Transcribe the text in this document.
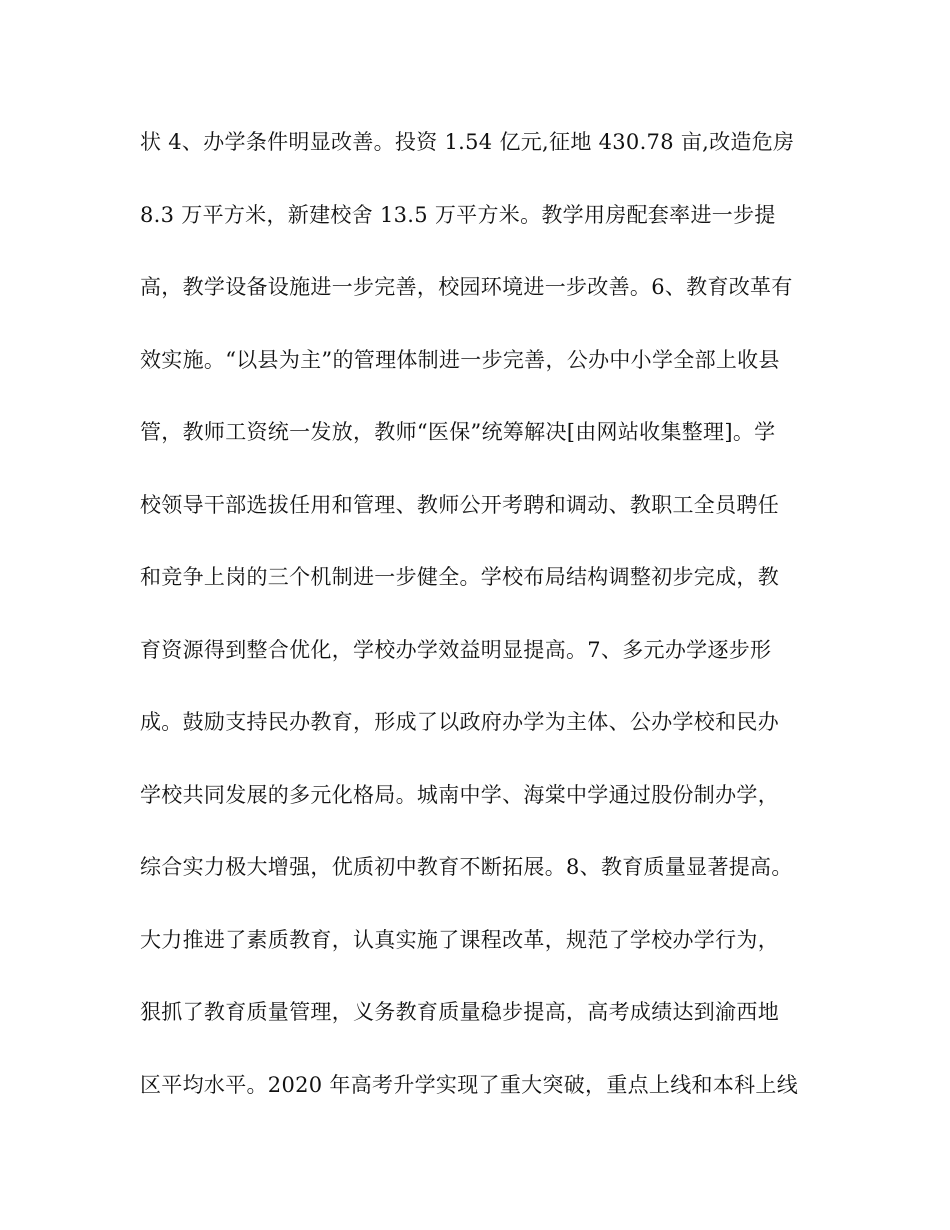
状 4、办学条件明显改善。投资 1.54 亿元,征地 430.78 亩,改造危房
8.3 万平方米，新建校舍 13.5 万平方米。教学用房配套率进一步提
高，教学设备设施进一步完善，校园环境进一步改善。6、教育改革有
效实施。“以县为主”的管理体制进一步完善，公办中小学全部上收县
管，教师工资统一发放，教师“医保”统筹解决[由网站收集整理]。学
校领导干部选拔任用和管理、教师公开考聘和调动、教职工全员聘任
和竞争上岗的三个机制进一步健全。学校布局结构调整初步完成，教
育资源得到整合优化，学校办学效益明显提高。7、多元办学逐步形
成。鼓励支持民办教育，形成了以政府办学为主体、公办学校和民办
学校共同发展的多元化格局。城南中学、海棠中学通过股份制办学，
综合实力极大增强，优质初中教育不断拓展。8、教育质量显著提高。
大力推进了素质教育，认真实施了课程改革，规范了学校办学行为，
狠抓了教育质量管理，义务教育质量稳步提高，高考成绩达到渝西地
区平均水平。2020 年高考升学实现了重大突破，重点上线和本科上线
